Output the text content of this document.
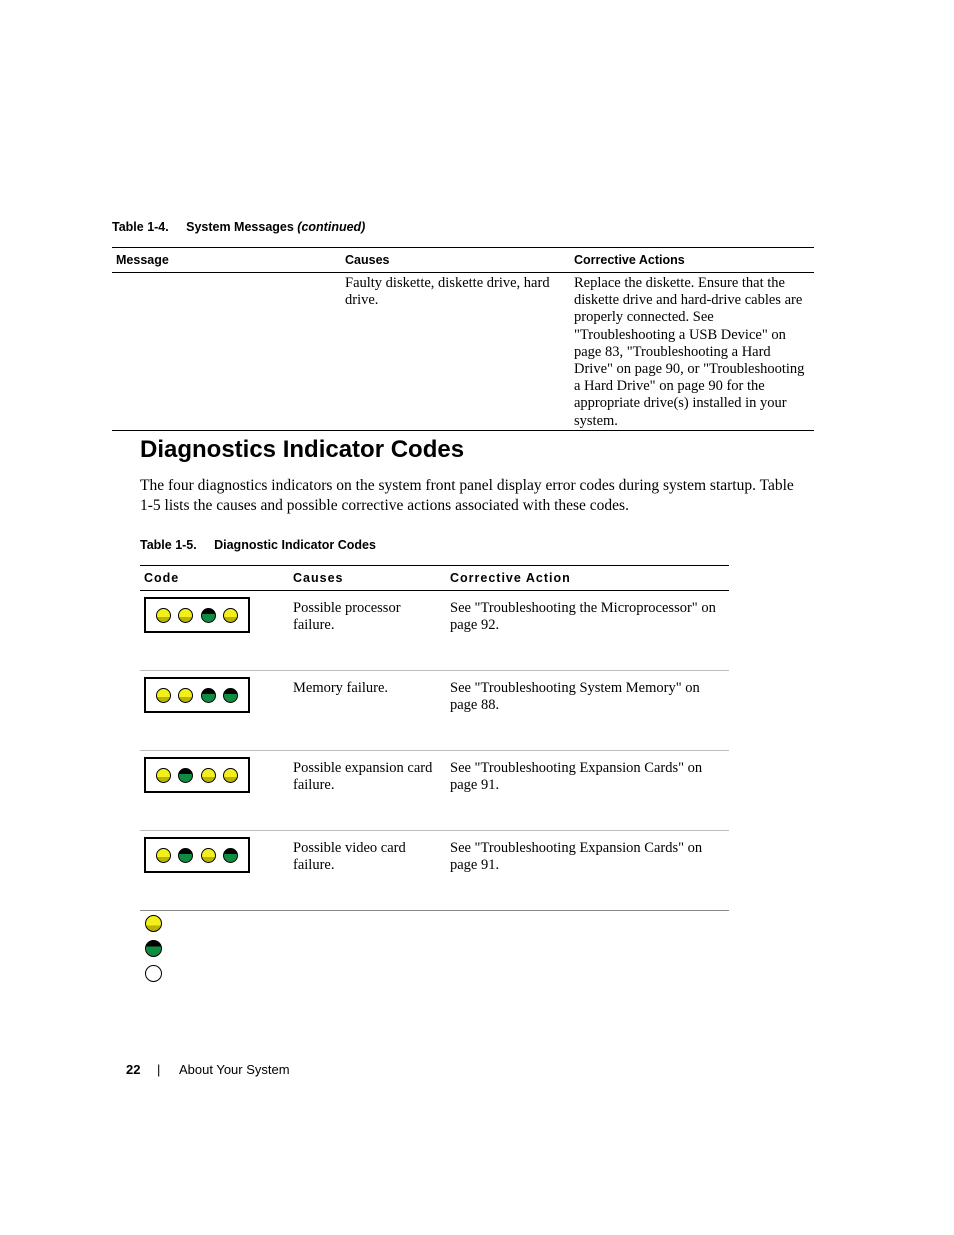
Table 1-4. System Messages (continued)
Message	Causes	Corrective Actions
	Faulty diskette, diskette drive, hard drive.	Replace the diskette. Ensure that the diskette drive and hard-drive cables are properly connected. See "Troubleshooting a USB Device" on page 83, "Troubleshooting a Hard Drive" on page 90, or "Troubleshooting a Hard Drive" on page 90 for the appropriate drive(s) installed in your system.
Diagnostics Indicator Codes
The four diagnostics indicators on the system front panel display error codes during system startup. Table 1-5 lists the causes and possible corrective actions associated with these codes.
Table 1-5. Diagnostic Indicator Codes
Code	Causes	Corrective Action

	Possible processor failure.	See "Troubleshooting the Microprocessor" on page 92.

	Memory failure.	See "Troubleshooting System Memory" on page 88.

	Possible expansion card failure.	See "Troubleshooting Expansion Cards" on page 91.

	Possible video card failure.	See "Troubleshooting Expansion Cards" on page 91.
22 | About Your System
